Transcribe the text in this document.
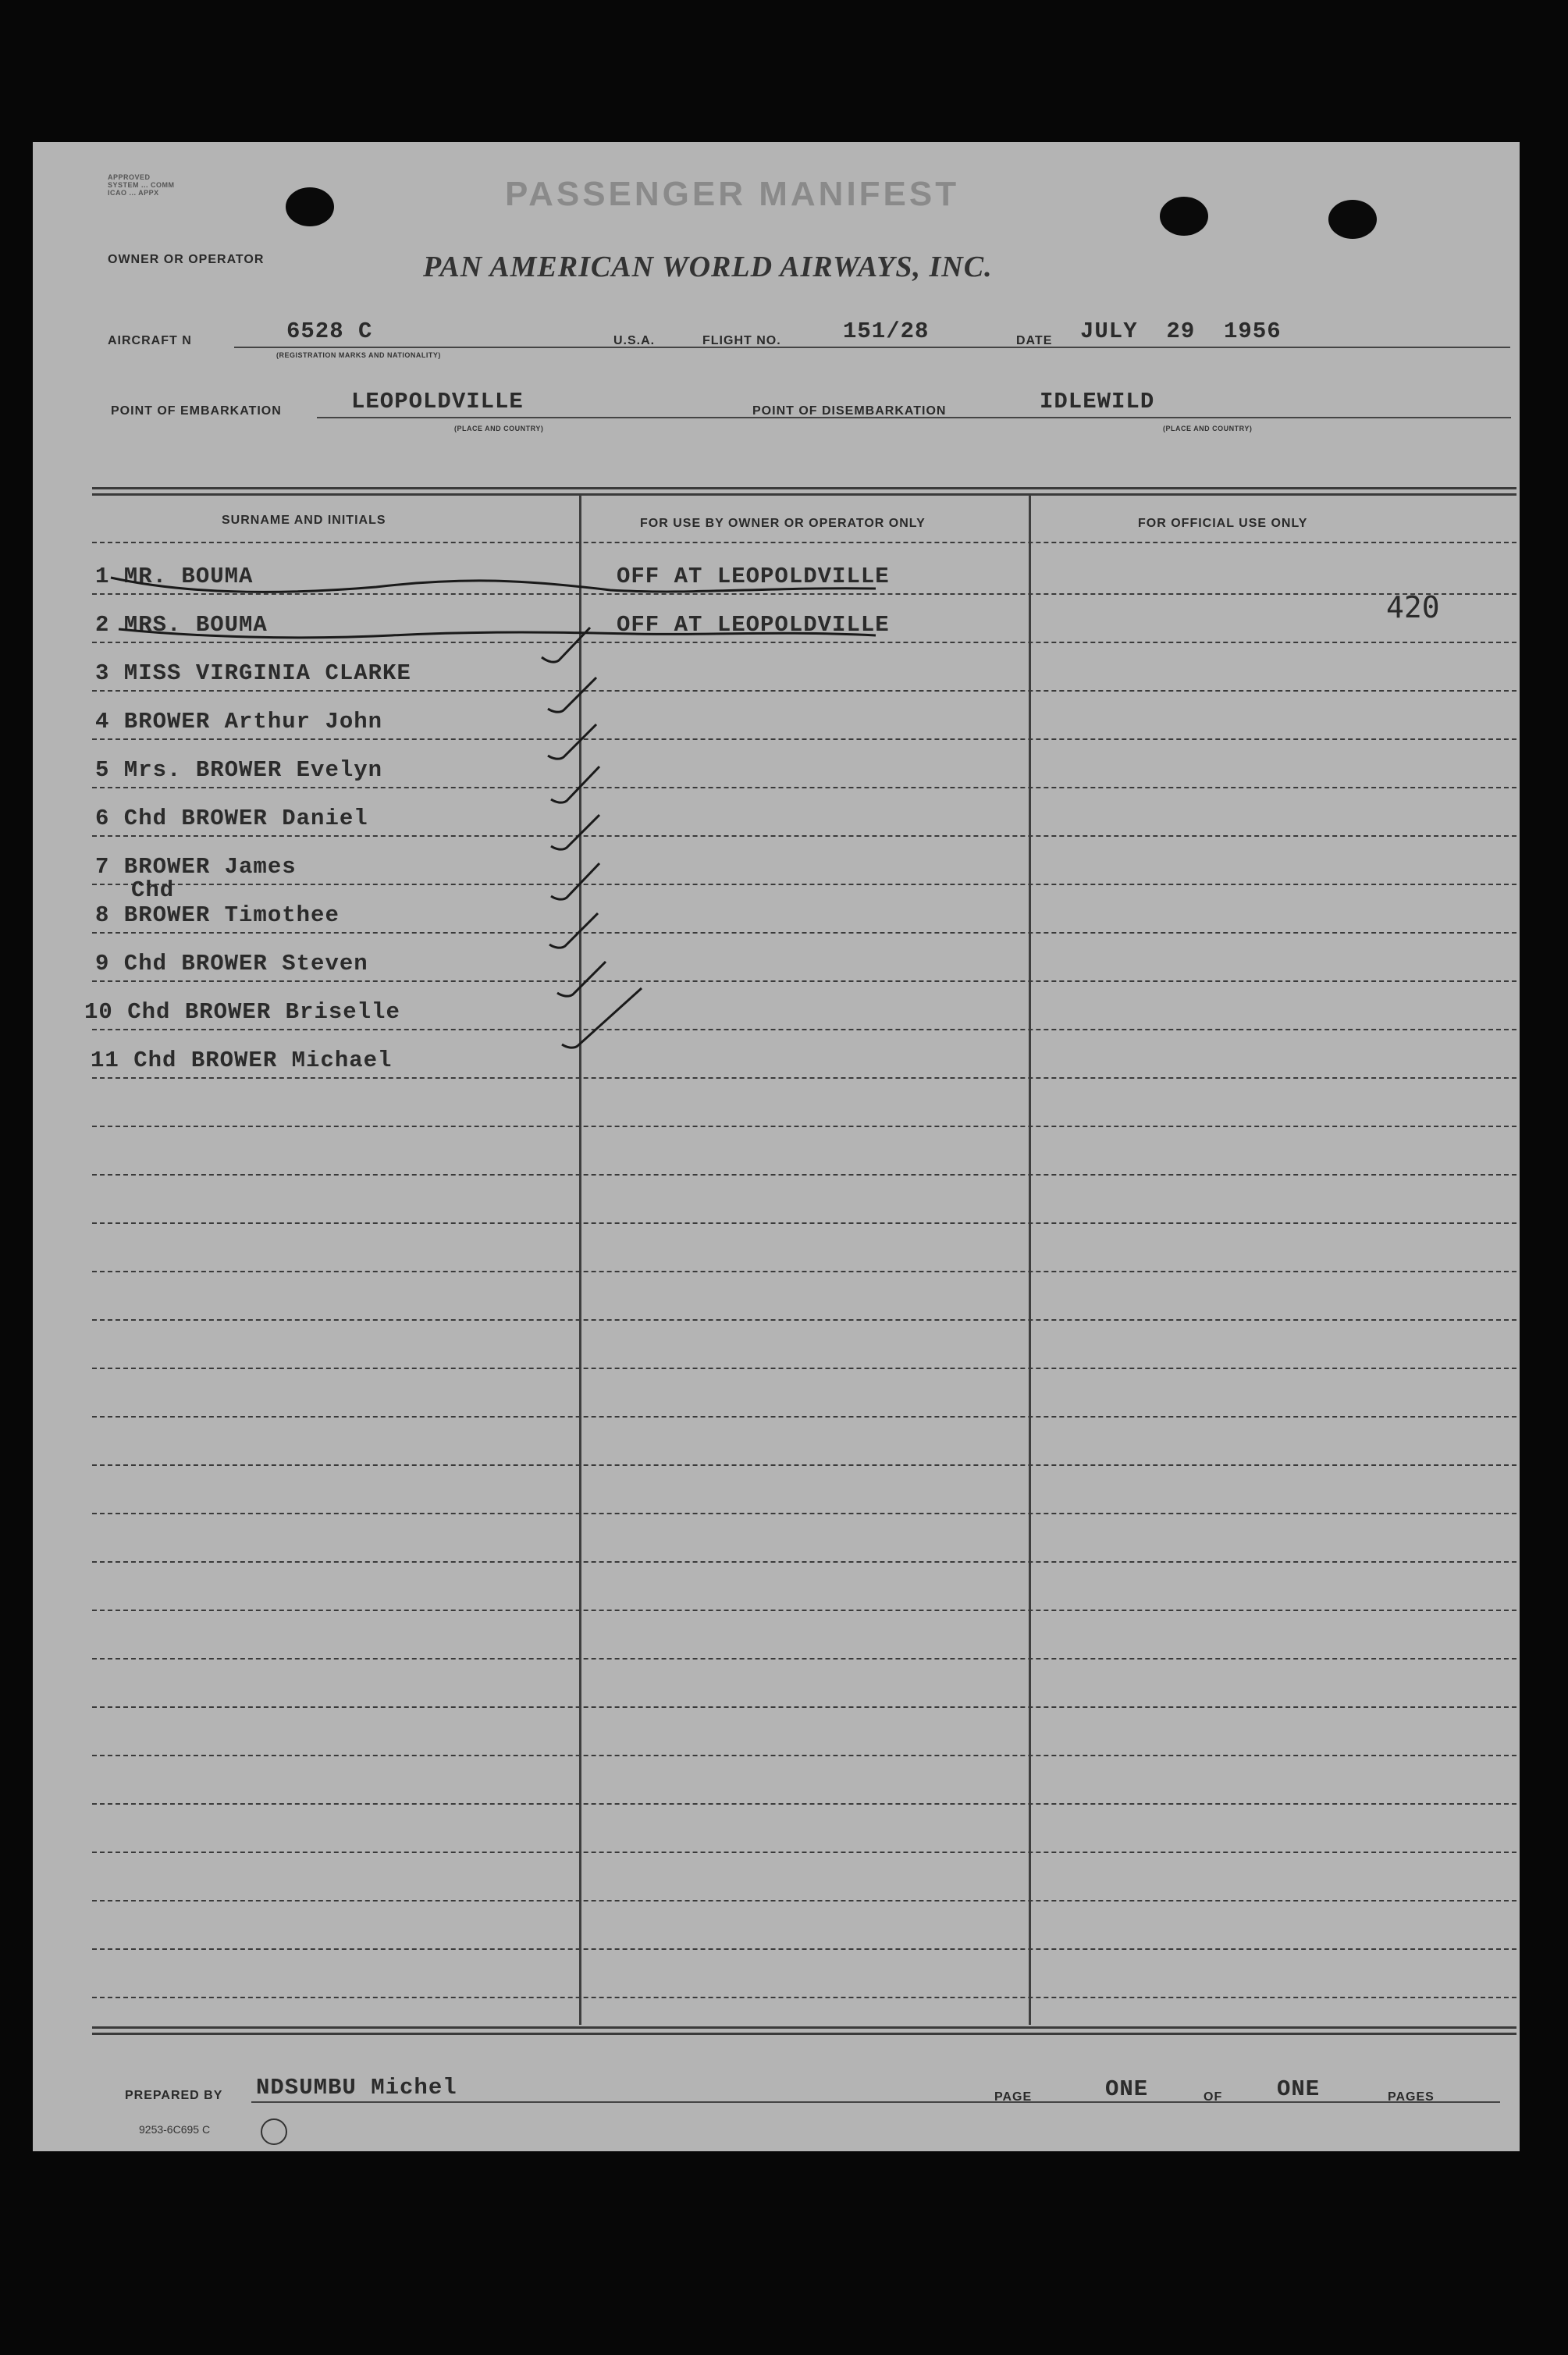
APPROVED
SYSTEM ... COMM
ICAO ... APPX	PASSENGER MANIFEST
OWNER OR OPERATOR	PAN AMERICAN WORLD AIRWAYS, INC.
AIRCRAFT N	6528 C
(REGISTRATION MARKS AND NATIONALITY)
U.S.A.	FLIGHT NO.	151/28	DATE JULY  29  1956
POINT OF EMBARKATION	LEOPOLDVILLE
(PLACE AND COUNTRY)
POINT OF DISEMBARKATION	IDLEWILD
(PLACE AND COUNTRY)
SURNAME AND INITIALS	FOR USE BY OWNER OR OPERATOR ONLY	FOR OFFICIAL USE ONLY
1 MR. BOUMA	OFF AT LEOPOLDVILLE
2 MRS. BOUMA	OFF AT LEOPOLDVILLE
420
3 MISS VIRGINIA CLARKE
4 BROWER Arthur John
5 Mrs. BROWER Evelyn
6 Chd BROWER Daniel
7 BROWER James
Chd
8 BROWER Timothee
9 Chd BROWER Steven
10 Chd BROWER Briselle
11 Chd BROWER Michael
PREPARED BY NDSUMBU Michel	PAGE	ONE	OF ONE	PAGES
9253-6C695 C
